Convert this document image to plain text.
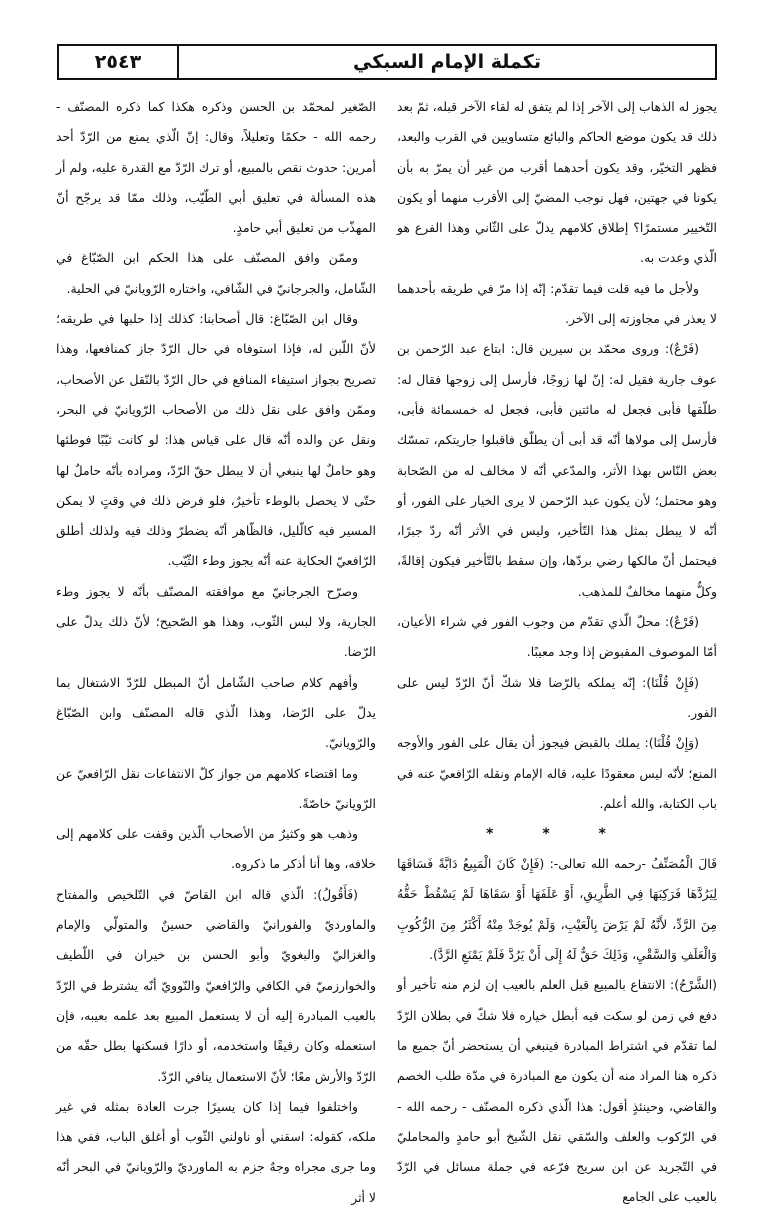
تكملة الإمام السبكي
٢٥٤٣

يجوز له الذهاب إلى الآخر إذا لم يتفق له لقاء الآخر قبله، ثمّ بعد ذلك قد يكون موضع الحاكم والبائع متساويين في القرب والبعد، فظهر التخيّر، وقد يكون أحدهما أقرب من غير أن يمرّ به بأن يكونا في جهتين، فهل نوجب المضيّ إلى الأقرب منهما أو يكون التّخيير مستمرًا؟ إطلاق كلامهم يدلّ على الثّاني وهذا الفرع هو الّذي وعدت به.

ولأجل ما فيه قلت فيما تقدّم: إنّه إذا مرّ في طريقه بأحدهما لا يعذر في مجاوزته إلى الآخر.

(فَرْعٌ): وروى محمّد بن سيرين قال: ابتاع عبد الرّحمن بن عوف جارية فقيل له: إنّ لها زوجًا، فأرسل إلى زوجها فقال له: طلّقها فأبى فجعل له مائتين فأبى، فجعل له خمسمائة فأبى، فأرسل إلى مولاها أنّه قد أبى أن يطلّق فاقبلوا جاريتكم، تمسّك بعض النّاس بهذا الأثر، والمدّعي أنّه لا مخالف له من الصّحابة وهو محتمل؛ لأن يكون عبد الرّحمن لا يرى الخيار على الفور، أو أنّه لا يبطل بمثل هذا التّأخير، وليس في الأثر أنّه ردّ جبرًا، فيحتمل أنّ مالكها رضي بردّها، وإن سقط بالتّأخير فيكون إقالةً، وكلٌّ منهما مخالفٌ للمذهب.

(فَرْعٌ): محلّ الّذي تقدّم من وجوب الفور في شراء الأعيان، أمّا الموصوف المقبوض إذا وجد معيبًا.

(فَإِنْ قُلْنَا): إنّه يملكه بالرّضا فلا شكّ أنّ الرّدّ ليس على الفور.

(وَإِنْ قُلْنَا): يملك بالقبض فيجوز أن يقال على الفور والأوجه المنع؛ لأنّه ليس معقودًا عليه، قاله الإمام ونقله الرّافعيّ عنه في باب الكتابة، والله أعلم.

* * *

قَالَ الْمُصَنِّفُ -رحمه الله تعالى-: (فَإِنْ كَانَ الْمَبِيعُ دَابَّةً فَسَاقَهَا لِيَرُدَّهَا فَرَكِبَهَا فِي الطَّرِيقِ، أَوْ عَلَفَهَا أَوْ سَقَاهَا لَمْ يَسْقُطْ حَقُّهُ مِنَ الرَّدِّ، لأَنَّهُ لَمْ يَرْضَ بِالْعَيْبِ، وَلَمْ يُوجَدْ مِنْهُ أَكْثَرُ مِنَ الرُّكُوبِ وَالْعَلَفِ وَالسَّقْيِ، وَذَلِكَ حَقٌّ لَهُ إِلَى أَنْ يَرُدَّ فَلَمْ يَمْنَعِ الرَّدَّ).

(الشَّرْحُ): الانتفاع بالمبيع قبل العلم بالعيب إن لزم منه تأخير أو دفع في زمن لو سكت فيه أبطل خياره فلا شكّ في بطلان الرّدّ لما تقدّم في اشتراط المبادرة فينبغي أن يستحضر أنّ جميع ما ذكره هنا المراد منه أن يكون مع المبادرة في مدّة طلب الخصم والقاضي، وحينئذٍ أقول: هذا الّذي ذكره المصنّف - رحمه الله - في الرّكوب والعلف والسّقي نقل الشّيخ أبو حامدٍ والمحامليّ في التّجريد عن ابن سريج فرّعه في جملة مسائل في الرّدّ بالعيب على الجامع

الصّغير لمحمّد بن الحسن وذكره هكذا كما ذكره المصنّف - رحمه الله - حكمًا وتعليلاً، وقال: إنّ الّذي يمنع من الرّدّ أحد أمرين: حدوث نقص بالمبيع، أو ترك الرّدّ مع القدرة عليه، ولم أر هذه المسألة في تعليق أبي الطّيّب، وذلك ممّا قد يرجّح أنّ المهذّب من تعليق أبي حامدٍ.

وممّن وافق المصنّف على هذا الحكم ابن الصّبّاغ في الشّامل، والجرجانيّ في الشّافي، واختاره الرّويانيّ في الحلية.

وقال ابن الصّبّاغ: قال أصحابنا: كذلك إذا حلبها في طريقه؛ لأنّ اللّبن له، فإذا استوفاه في حال الرّدّ جاز كمنافعها، وهذا تصريح بجواز استيفاء المنافع في حال الرّدّ بالنّقل عن الأصحاب، وممّن وافق على نقل ذلك من الأصحاب الرّويانيّ في البحر، ونقل عن والده أنّه قال على قياس هذا: لو كانت ثيّبًا فوطئها وهو حاملٌ لها ينبغي أن لا يبطل حقّ الرّدّ، ومراده بأنّه حاملٌ لها حتّى لا يحصل بالوطء تأخيرٌ، فلو فرض ذلك في وقتٍ لا يمكن المسير فيه كالّليل، فالظّاهر أنّه يضطرّ وذلك فيه ولذلك أطلق الرّافعيّ الحكاية عنه أنّه يجوز وطء الثّيّب.

وصرّح الجرجانيّ مع موافقته المصنّف بأنّه لا يجوز وطء الجارية، ولا لبس الثّوب، وهذا هو الصّحيح؛ لأنّ ذلك يدلّ على الرّضا.

وأفهم كلام صاحب الشّامل أنّ المبطل للرّدّ الاشتغال بما يدلّ على الرّضا، وهذا الّذي قاله المصنّف وابن الصّبّاغ والرّويانيّ.

وما اقتضاء كلامهم من جواز كلّ الانتفاعات نقل الرّافعيّ عن الرّويانيّ خاصّةً.

وذهب هو وكثيرٌ من الأصحاب الّذين وقفت على كلامهم إلى خلافه، وها أنا أذكر ما ذكروه.

(فَأَقُولُ): الّذي قاله ابن القاصّ في التّلخيص والمفتاح والماورديّ والفورانيّ والقاضي حسينٌ والمتولّي والإمام والغزاليّ والبغويّ وأبو الحسن بن خيران في اللّطيف والخوارزميّ في الكافي والرّافعيّ والنّوويّ أنّه يشترط في الرّدّ بالعيب المبادرة إليه أن لا يستعمل المبيع بعد علمه بعيبه، فإن استعمله وكان رقيقًا واستخدمه، أو دارًا فسكنها بطل حقّه من الرّدّ والأرش معًا؛ لأنّ الاستعمال ينافي الرّدّ.

واختلفوا فيما إذا كان يسيرًا جرت العادة بمثله في غير ملكه، كقوله: اسقني أو ناولني الثّوب أو أغلق الباب، ففي هذا وما جرى مجراه وجهٌ جزم به الماورديّ والرّويانيّ في البحر أنّه لا أثر
